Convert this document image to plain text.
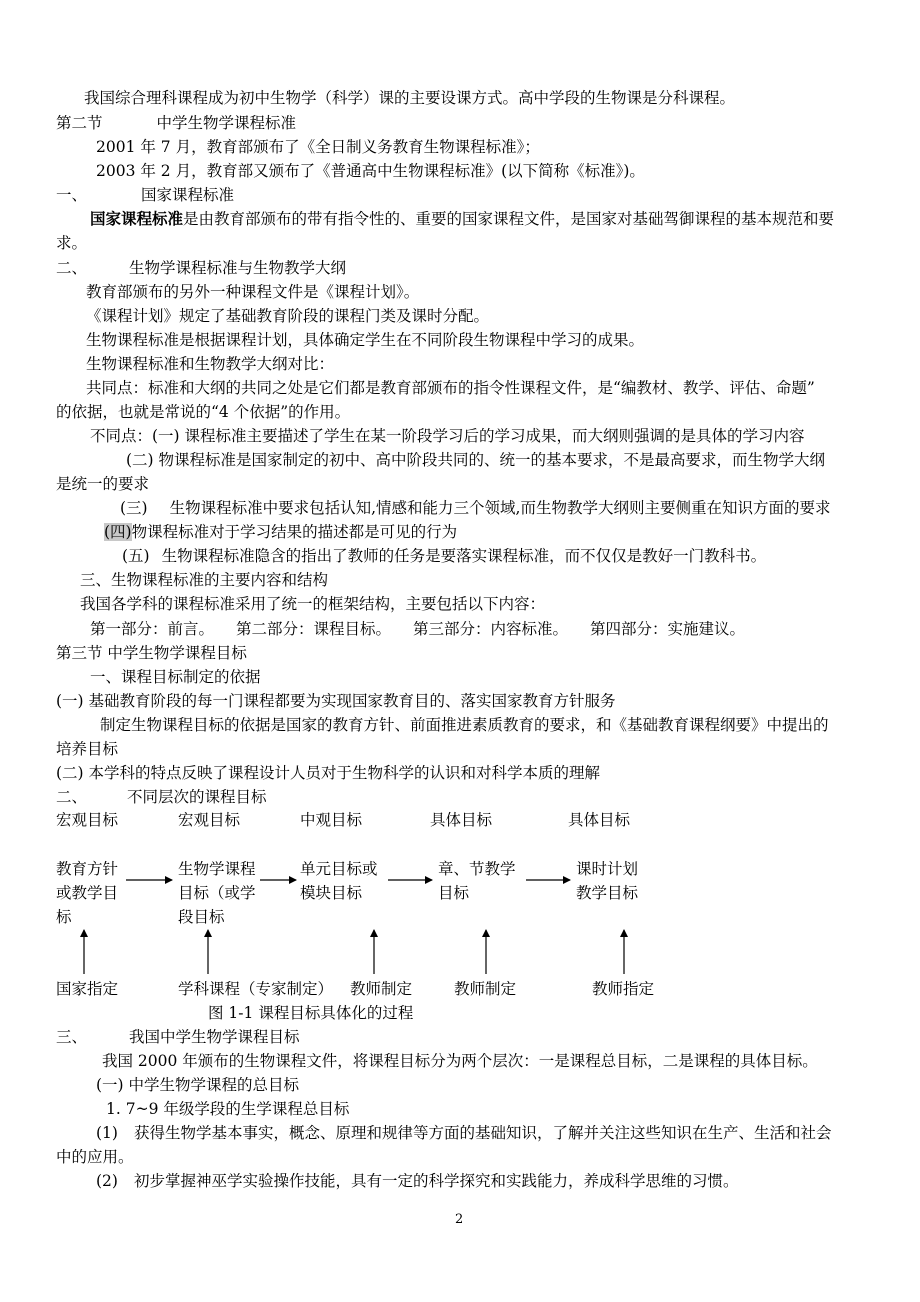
我国综合理科课程成为初中生物学（科学）课的主要设课方式。高中学段的生物课是分科课程。
第二节	中学生物学课程标准
2001 年 7 月，教育部颁布了《全日制义务教育生物课程标准》；
2003 年 2 月，教育部又颁布了《普通高中生物课程标准》(以下简称《标准》)。
一、	国家课程标准
国家课程标准是由教育部颁布的带有指令性的、重要的国家课程文件，是国家对基础驾御课程的基本规范和要
求。
二、	生物学课程标准与生物教学大纲
教育部颁布的另外一种课程文件是《课程计划》。
《课程计划》规定了基础教育阶段的课程门类及课时分配。
生物课程标准是根据课程计划，具体确定学生在不同阶段生物课程中学习的成果。
生物课程标准和生物教学大纲对比：
共同点：标准和大纲的共同之处是它们都是教育部颁布的指令性课程文件，是“编教材、教学、评估、命题”
的依据，也就是常说的“4 个依据”的作用。
不同点：(一) 课程标准主要描述了学生在某一阶段学习后的学习成果，而大纲则强调的是具体的学习内容
(二) 物课程标准是国家制定的初中、高中阶段共同的、统一的基本要求，不是最高要求，而生物学大纲
是统一的要求
(三) 生物课程标准中要求包括认知,情感和能力三个领域,而生物教学大纲则主要侧重在知识方面的要求
(四)物课程标准对于学习结果的描述都是可见的行为
(五) 生物课程标准隐含的指出了教师的任务是要落实课程标准，而不仅仅是教好一门教科书。
三、生物课程标准的主要内容和结构
我国各学科的课程标准采用了统一的框架结构，主要包括以下内容：
第一部分：前言。 第二部分：课程目标。 第三部分：内容标准。 第四部分：实施建议。
第三节 中学生物学课程目标
一、课程目标制定的依据
(一) 基础教育阶段的每一门课程都要为实现国家教育目的、落实国家教育方针服务
制定生物课程目标的依据是国家的教育方针、前面推进素质教育的要求，和《基础教育课程纲要》中提出的
培养目标
(二) 本学科的特点反映了课程设计人员对于生物科学的认识和对科学本质的理解
二、	不同层次的课程目标
宏观目标	宏观目标	中观目标	具体目标	具体目标
教育方针
或教学目
标
生物学课程
目标（或学
段目标
单元目标或
模块目标
章、节教学
目标
课时计划
教学目标
国家指定	学科课程（专家制定） 教师制定	教师制定	教师指定
图 1-1 课程目标具体化的过程
三、	我国中学生物学课程目标
我国 2000 年颁布的生物课程文件，将课程目标分为两个层次：一是课程总目标，二是课程的具体目标。
(一) 中学生物学课程的总目标
1. 7~9 年级学段的生学课程总目标
(1) 获得生物学基本事实，概念、原理和规律等方面的基础知识，了解并关注这些知识在生产、生活和社会
中的应用。
(2) 初步掌握神巫学实验操作技能，具有一定的科学探究和实践能力，养成科学思维的习惯。
2
